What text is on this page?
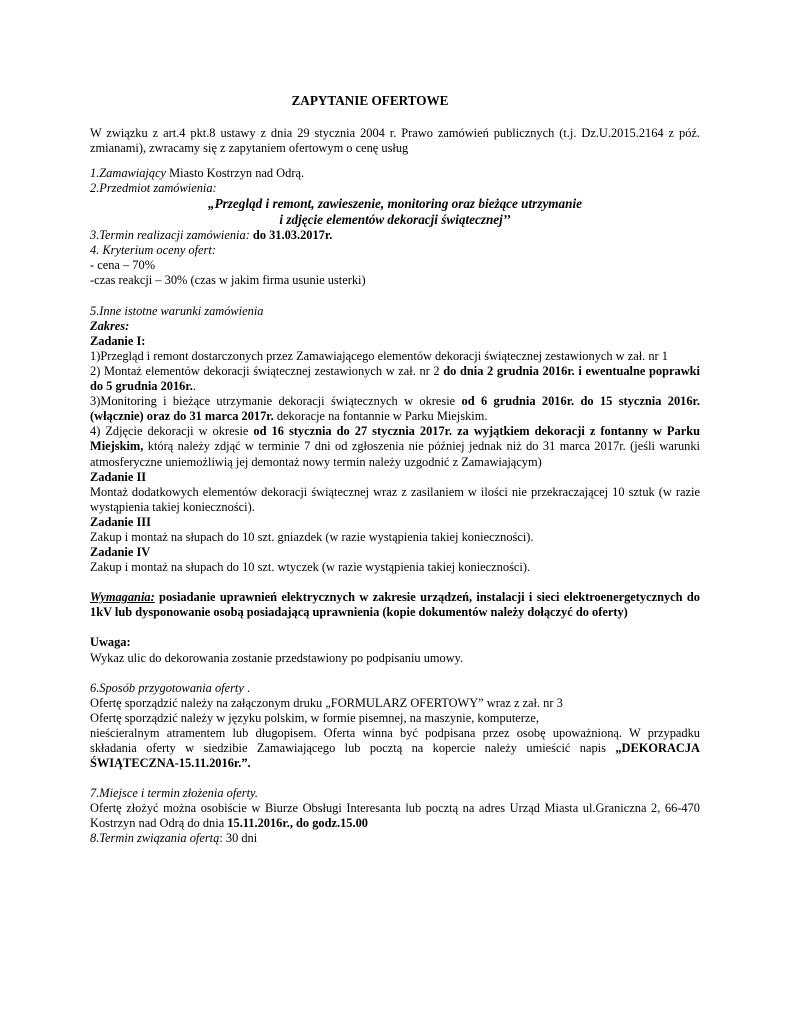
ZAPYTANIE OFERTOWE
W związku z art.4 pkt.8 ustawy z dnia 29 stycznia 2004 r. Prawo zamówień publicznych (t.j. Dz.U.2015.2164 z póź. zmianami), zwracamy się z zapytaniem ofertowym o cenę usług

1.Zamawiający Miasto Kostrzyn nad Odrą.

2.Przedmiot zamówienia:

„Przegląd i remont, zawieszenie, monitoring oraz bieżące utrzymanie

i zdjęcie elementów dekoracji świątecznej’’

3.Termin realizacji zamówienia: do 31.03.2017r.

4. Kryterium oceny ofert:

- cena – 70%

-czas reakcji – 30% (czas w jakim firma usunie usterki)

5.Inne istotne warunki zamówienia

Zakres:

Zadanie I:

1)Przegląd i remont dostarczonych przez Zamawiającego elementów dekoracji świątecznej zestawionych w zał. nr 1

2) Montaż elementów dekoracji świątecznej zestawionych w zał. nr 2 do dnia 2 grudnia 2016r. i ewentualne poprawki do 5 grudnia 2016r..

3)Monitoring i bieżące utrzymanie dekoracji świątecznych w okresie od 6 grudnia 2016r. do 15 stycznia 2016r. (włącznie) oraz do 31 marca 2017r. dekoracje na fontannie w Parku Miejskim.

4) Zdjęcie dekoracji w okresie od 16 stycznia do 27 stycznia 2017r. za wyjątkiem dekoracji z fontanny w Parku Miejskim, którą należy zdjąć w terminie 7 dni od zgłoszenia nie później jednak niż do 31 marca 2017r. (jeśli warunki atmosferyczne uniemożliwią jej demontaż nowy termin należy uzgodnić z Zamawiającym)

Zadanie II

Montaż dodatkowych elementów dekoracji świątecznej wraz z zasilaniem w ilości nie przekraczającej 10 sztuk (w razie wystąpienia takiej konieczności).

Zadanie III

Zakup i montaż na słupach do 10 szt. gniazdek (w razie wystąpienia takiej konieczności).

Zadanie IV

Zakup i montaż na słupach do 10 szt. wtyczek (w razie wystąpienia takiej konieczności).

Wymagania: posiadanie uprawnień elektrycznych w zakresie urządzeń, instalacji i sieci elektroenergetycznych do 1kV lub dysponowanie osobą posiadającą uprawnienia (kopie dokumentów należy dołączyć do oferty)

Uwaga:

Wykaz ulic do dekorowania zostanie przedstawiony po podpisaniu umowy.

6.Sposób przygotowania oferty .

Ofertę sporządzić należy na załączonym druku „FORMULARZ OFERTOWY” wraz z zał. nr 3

Ofertę sporządzić należy w języku polskim, w formie pisemnej, na maszynie, komputerze,

nieścieralnym atramentem lub długopisem. Oferta winna być podpisana przez osobę upoważnioną. W przypadku składania oferty w siedzibie Zamawiającego lub pocztą na kopercie należy umieścić napis „DEKORACJA ŚWIĄTECZNA-15.11.2016r.”.

7.Miejsce i termin złożenia oferty.

Ofertę złożyć można osobiście w Biurze Obsługi Interesanta lub pocztą na adres Urząd Miasta ul.Graniczna 2, 66-470 Kostrzyn nad Odrą do dnia 15.11.2016r., do godz.15.00

8.Termin związania ofertą: 30 dni
